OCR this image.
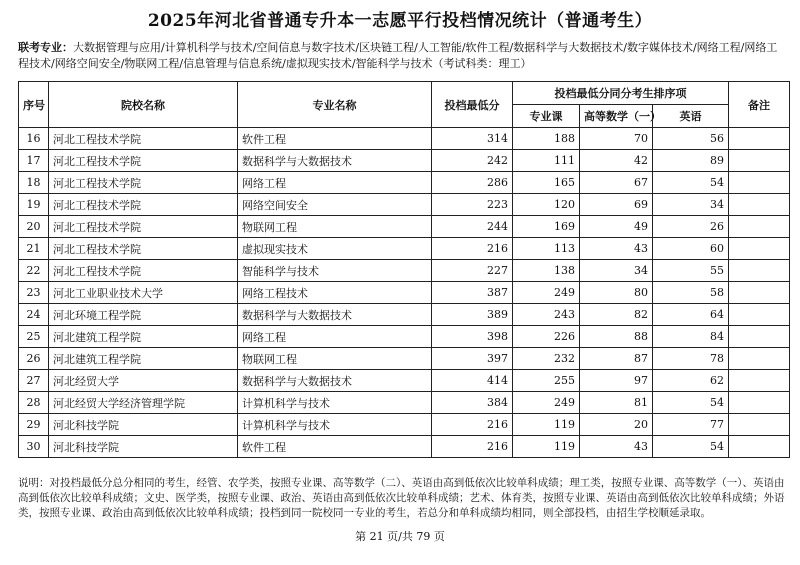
2025年河北省普通专升本一志愿平行投档情况统计（普通考生）
联考专业：大数据管理与应用/计算机科学与技术/空间信息与数字技术/区块链工程/人工智能/软件工程/数据科学与大数据技术/数字媒体技术/网络工程/网络工程技术/网络空间安全/物联网工程/信息管理与信息系统/虚拟现实技术/智能科学与技术（考试科类：理工）
序号	院校名称	专业名称	投档最低分	投档最低分同分考生排序项			备注
				专业课	高等数学（一）	英语	
16	河北工程技术学院	软件工程	314	188	70	56	
17	河北工程技术学院	数据科学与大数据技术	242	111	42	89	
18	河北工程技术学院	网络工程	286	165	67	54	
19	河北工程技术学院	网络空间安全	223	120	69	34	
20	河北工程技术学院	物联网工程	244	169	49	26	
21	河北工程技术学院	虚拟现实技术	216	113	43	60	
22	河北工程技术学院	智能科学与技术	227	138	34	55	
23	河北工业职业技术大学	网络工程技术	387	249	80	58	
24	河北环境工程学院	数据科学与大数据技术	389	243	82	64	
25	河北建筑工程学院	网络工程	398	226	88	84	
26	河北建筑工程学院	物联网工程	397	232	87	78	
27	河北经贸大学	数据科学与大数据技术	414	255	97	62	
28	河北经贸大学经济管理学院	计算机科学与技术	384	249	81	54	
29	河北科技学院	计算机科学与技术	216	119	20	77	
30	河北科技学院	软件工程	216	119	43	54	
说明：对投档最低分总分相同的考生，经管、农学类，按照专业课、高等数学（二）、英语由高到低依次比较单科成绩；理工类，按照专业课、高等数学（一）、英语由高到低依次比较单科成绩；文史、医学类，按照专业课、政治、英语由高到低依次比较单科成绩；艺术、体育类，按照专业课、英语由高到低依次比较单科成绩；外语类，按照专业课、政治由高到低依次比较单科成绩；投档到同一院校同一专业的考生，若总分和单科成绩均相同，则全部投档，由招生学校顺延录取。
第 21 页/共 79 页
